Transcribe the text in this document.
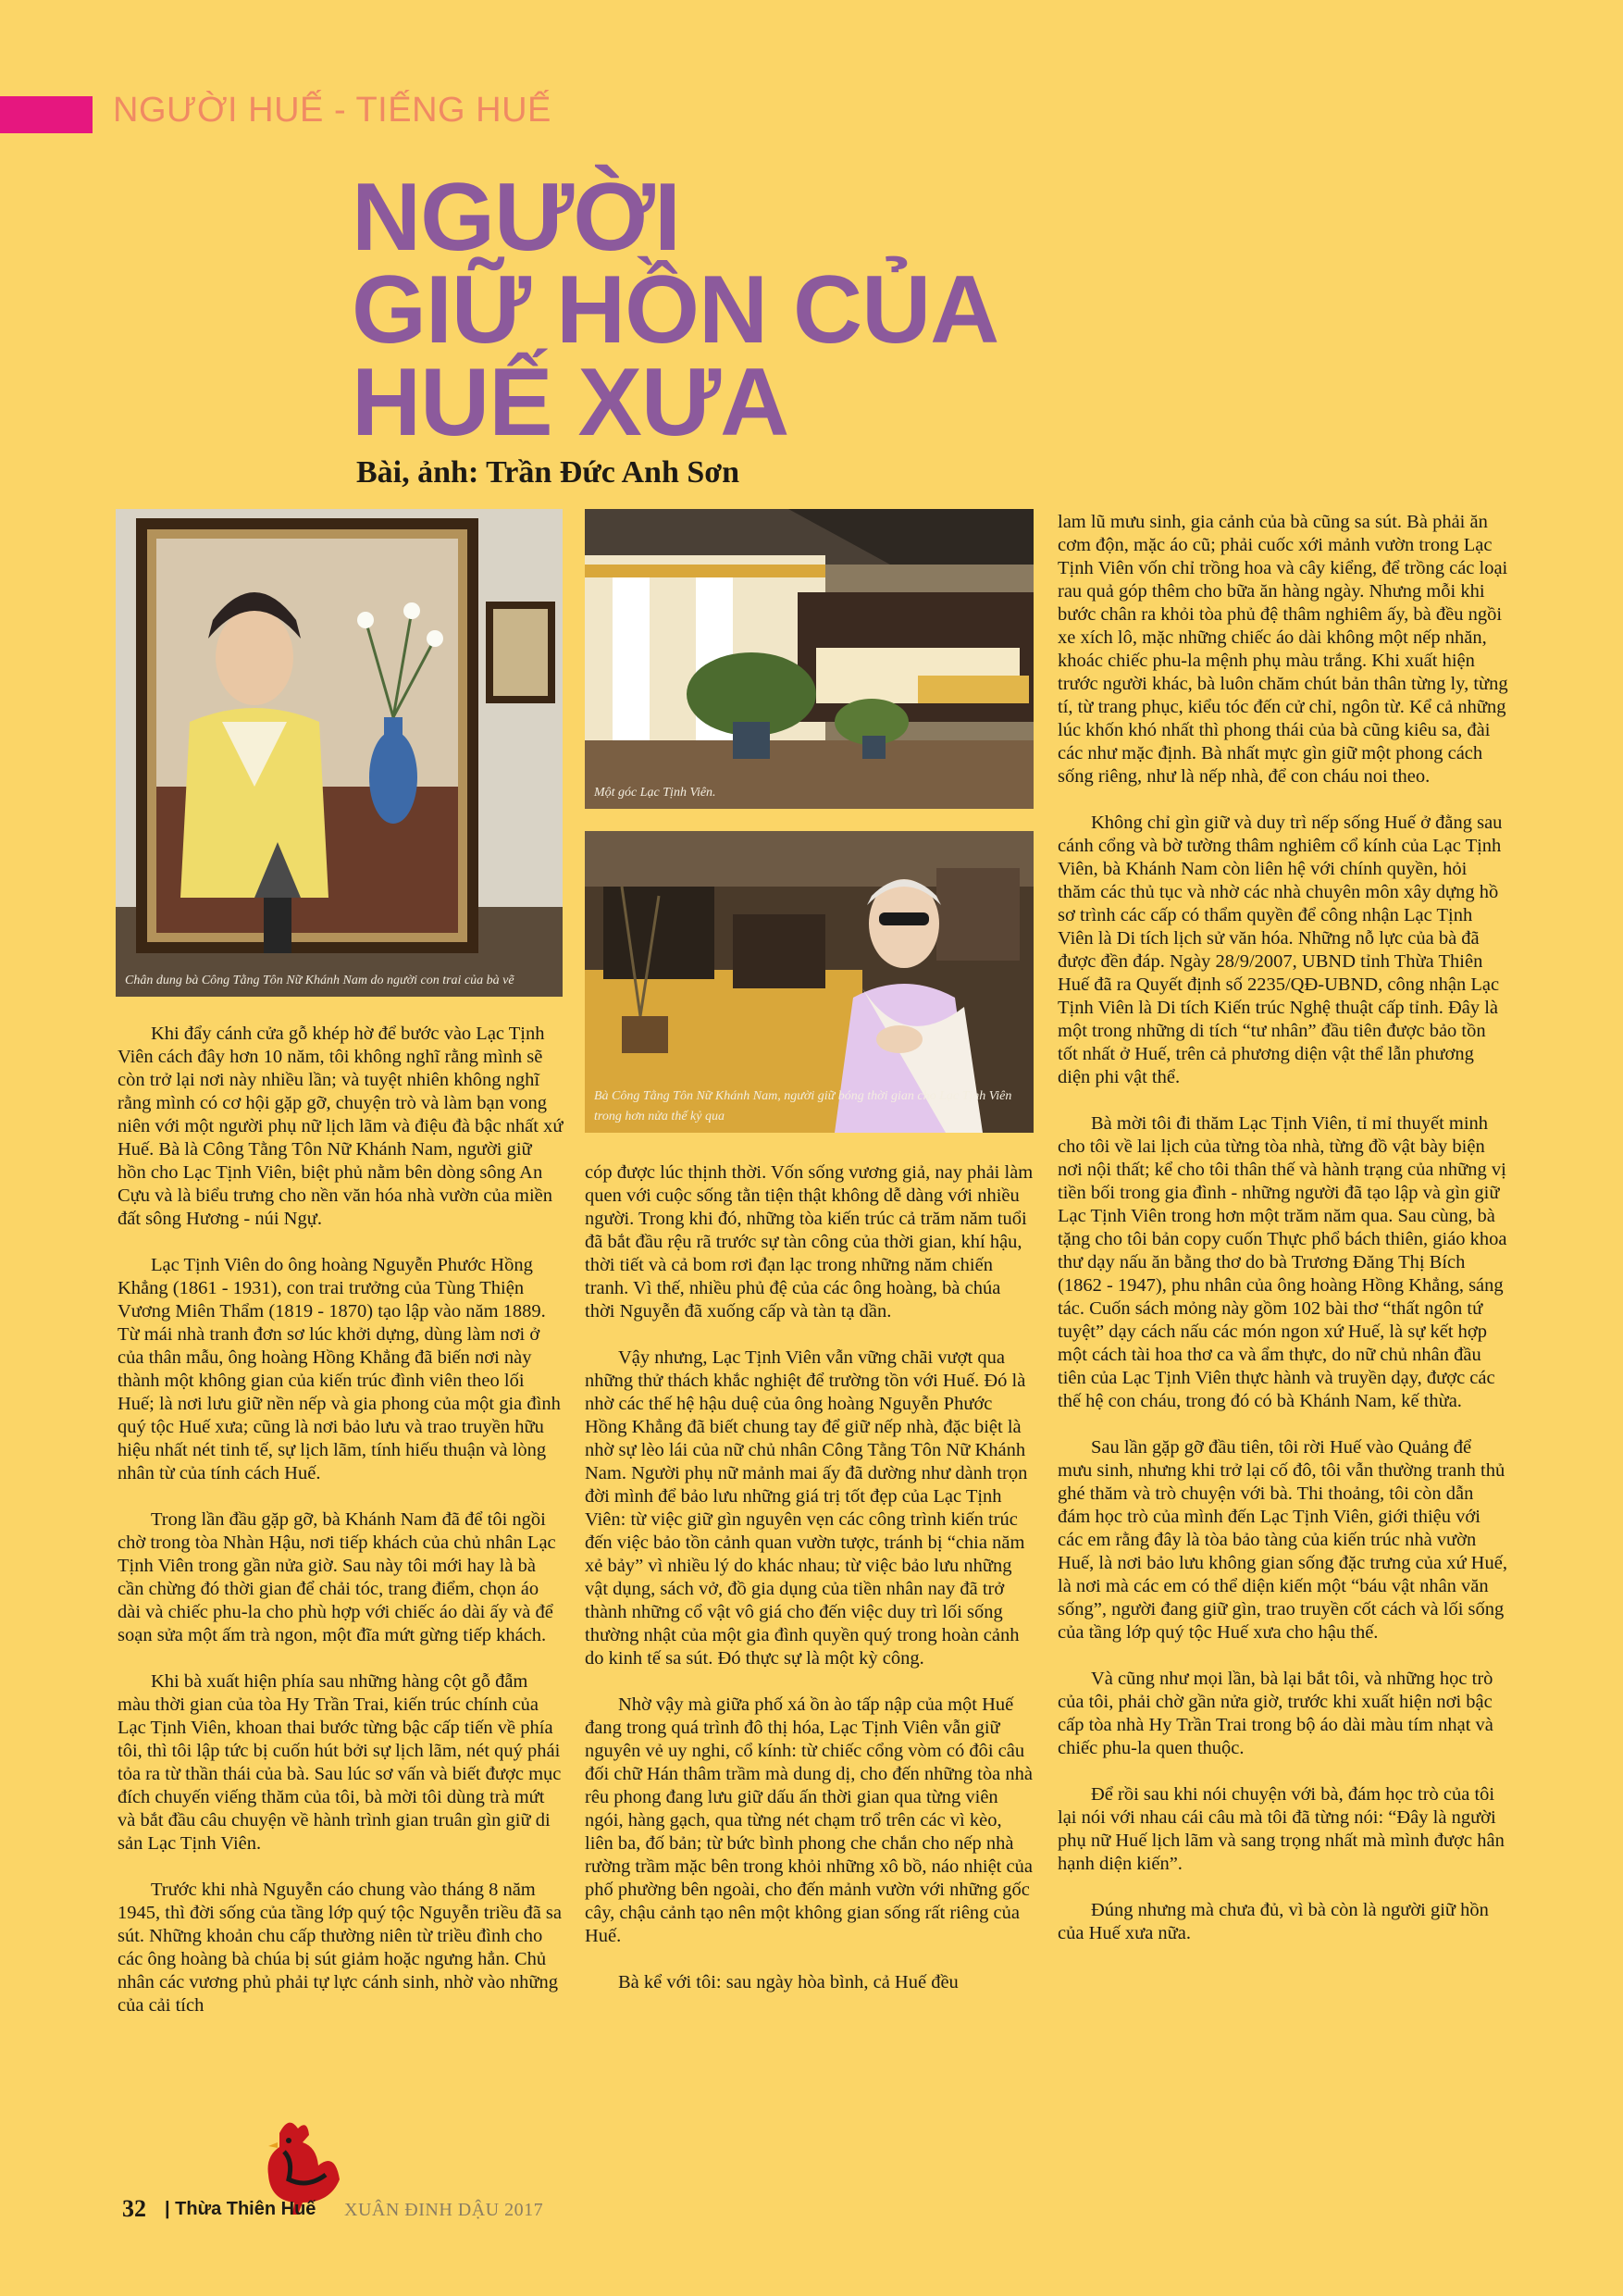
NGƯỜI HUẾ - TIẾNG HUẾ
NGƯỜI
GIỮ HỒN CỦA
HUẾ XƯA
Bài, ảnh: Trần Đức Anh Sơn
Chân dung bà Công Tằng Tôn Nữ Khánh Nam do người con trai của bà vẽ
Một góc Lạc Tịnh Viên.
Bà Công Tằng Tôn Nữ Khánh Nam, người giữ bóng thời gian cho Lạc Tịnh Viên trong hơn nửa thế kỷ qua

Khi đẩy cánh cửa gỗ khép hờ để bước vào Lạc Tịnh Viên cách đây hơn 10 năm, tôi không nghĩ rằng mình sẽ còn trở lại nơi này nhiều lần; và tuyệt nhiên không nghĩ rằng mình có cơ hội gặp gỡ, chuyện trò và làm bạn vong niên với một người phụ nữ lịch lãm và điệu đà bậc nhất xứ Huế. Bà là Công Tằng Tôn Nữ Khánh Nam, người giữ hồn cho Lạc Tịnh Viên, biệt phủ nằm bên dòng sông An Cựu và là biểu trưng cho nền văn hóa nhà vườn của miền đất sông Hương - núi Ngự.

Lạc Tịnh Viên do ông hoàng Nguyễn Phước Hồng Khẳng (1861 - 1931), con trai trưởng của Tùng Thiện Vương Miên Thẩm (1819 - 1870) tạo lập vào năm 1889. Từ mái nhà tranh đơn sơ lúc khởi dựng, dùng làm nơi ở của thân mẫu, ông hoàng Hồng Khẳng đã biến nơi này thành một không gian của kiến trúc đình viên theo lối Huế; là nơi lưu giữ nền nếp và gia phong của một gia đình quý tộc Huế xưa; cũng là nơi bảo lưu và trao truyền hữu hiệu nhất nét tinh tế, sự lịch lãm, tính hiếu thuận và lòng nhân từ của tính cách Huế.

Trong lần đầu gặp gỡ, bà Khánh Nam đã để tôi ngồi chờ trong tòa Nhàn Hậu, nơi tiếp khách của chủ nhân Lạc Tịnh Viên trong gần nửa giờ. Sau này tôi mới hay là bà cần chừng đó thời gian để chải tóc, trang điểm, chọn áo dài và chiếc phu-la cho phù hợp với chiếc áo dài ấy và để soạn sửa một ấm trà ngon, một đĩa mứt gừng tiếp khách.

Khi bà xuất hiện phía sau những hàng cột gỗ đẫm màu thời gian của tòa Hy Trần Trai, kiến trúc chính của Lạc Tịnh Viên, khoan thai bước từng bậc cấp tiến về phía tôi, thì tôi lập tức bị cuốn hút bởi sự lịch lãm, nét quý phái tỏa ra từ thần thái của bà. Sau lúc sơ vấn và biết được mục đích chuyến viếng thăm của tôi, bà mời tôi dùng trà mứt và bắt đầu câu chuyện về hành trình gian truân gìn giữ di sản Lạc Tịnh Viên.

Trước khi nhà Nguyễn cáo chung vào tháng 8 năm 1945, thì đời sống của tầng lớp quý tộc Nguyễn triều đã sa sút. Những khoản chu cấp thường niên từ triều đình cho các ông hoàng bà chúa bị sút giảm hoặc ngưng hẳn. Chủ nhân các vương phủ phải tự lực cánh sinh, nhờ vào những của cải tích

cóp được lúc thịnh thời. Vốn sống vương giả, nay phải làm quen với cuộc sống tằn tiện thật không dễ dàng với nhiều người. Trong khi đó, những tòa kiến trúc cả trăm năm tuổi đã bắt đầu rệu rã trước sự tàn công của thời gian, khí hậu, thời tiết và cả bom rơi đạn lạc trong những năm chiến tranh. Vì thế, nhiều phủ đệ của các ông hoàng, bà chúa thời Nguyễn đã xuống cấp và tàn tạ dần.

Vậy nhưng, Lạc Tịnh Viên vẫn vững chãi vượt qua những thử thách khắc nghiệt để trường tồn với Huế. Đó là nhờ các thế hệ hậu duệ của ông hoàng Nguyễn Phước Hồng Khẳng đã biết chung tay để giữ nếp nhà, đặc biệt là nhờ sự lèo lái của nữ chủ nhân Công Tằng Tôn Nữ Khánh Nam. Người phụ nữ mảnh mai ấy đã dường như dành trọn đời mình để bảo lưu những giá trị tốt đẹp của Lạc Tịnh Viên: từ việc giữ gìn nguyên vẹn các công trình kiến trúc đến việc bảo tồn cảnh quan vườn tược, tránh bị “chia năm xẻ bảy” vì nhiều lý do khác nhau; từ việc bảo lưu những vật dụng, sách vở, đồ gia dụng của tiền nhân nay đã trở thành những cổ vật vô giá cho đến việc duy trì lối sống thường nhật của một gia đình quyền quý trong hoàn cảnh do kinh tế sa sút. Đó thực sự là một kỳ công.

Nhờ vậy mà giữa phố xá ồn ào tấp nập của một Huế đang trong quá trình đô thị hóa, Lạc Tịnh Viên vẫn giữ nguyên vẻ uy nghi, cổ kính: từ chiếc cổng vòm có đôi câu đối chữ Hán thâm trầm mà dung dị, cho đến những tòa nhà rêu phong đang lưu giữ dấu ấn thời gian qua từng viên ngói, hàng gạch, qua từng nét chạm trổ trên các vì kèo, liên ba, đố bản; từ bức bình phong che chắn cho nếp nhà rường trầm mặc bên trong khỏi những xô bồ, náo nhiệt của phố phường bên ngoài, cho đến mảnh vườn với những gốc cây, chậu cảnh tạo nên một không gian sống rất riêng của Huế.

Bà kể với tôi: sau ngày hòa bình, cả Huế đều

lam lũ mưu sinh, gia cảnh của bà cũng sa sút. Bà phải ăn cơm độn, mặc áo cũ; phải cuốc xới mảnh vườn trong Lạc Tịnh Viên vốn chỉ trồng hoa và cây kiểng, để trồng các loại rau quả góp thêm cho bữa ăn hàng ngày. Nhưng mỗi khi bước chân ra khỏi tòa phủ đệ thâm nghiêm ấy, bà đều ngồi xe xích lô, mặc những chiếc áo dài không một nếp nhăn, khoác chiếc phu-la mệnh phụ màu trắng. Khi xuất hiện trước người khác, bà luôn chăm chút bản thân từng ly, từng tí, từ trang phục, kiểu tóc đến cử chỉ, ngôn từ. Kể cả những lúc khốn khó nhất thì phong thái của bà cũng kiêu sa, đài các như mặc định. Bà nhất mực gìn giữ một phong cách sống riêng, như là nếp nhà, để con cháu noi theo.

Không chỉ gìn giữ và duy trì nếp sống Huế ở đằng sau cánh cổng và bờ tường thâm nghiêm cổ kính của Lạc Tịnh Viên, bà Khánh Nam còn liên hệ với chính quyền, hỏi thăm các thủ tục và nhờ các nhà chuyên môn xây dựng hồ sơ trình các cấp có thẩm quyền để công nhận Lạc Tịnh Viên là Di tích lịch sử văn hóa. Những nỗ lực của bà đã được đền đáp. Ngày 28/9/2007, UBND tỉnh Thừa Thiên Huế đã ra Quyết định số 2235/QĐ-UBND, công nhận Lạc Tịnh Viên là Di tích Kiến trúc Nghệ thuật cấp tỉnh. Đây là một trong những di tích “tư nhân” đầu tiên được bảo tồn tốt nhất ở Huế, trên cả phương diện vật thể lẫn phương diện phi vật thể.

Bà mời tôi đi thăm Lạc Tịnh Viên, tỉ mỉ thuyết minh cho tôi về lai lịch của từng tòa nhà, từng đồ vật bày biện nơi nội thất; kể cho tôi thân thế và hành trạng của những vị tiền bối trong gia đình - những người đã tạo lập và gìn giữ Lạc Tịnh Viên trong hơn một trăm năm qua. Sau cùng, bà tặng cho tôi bản copy cuốn Thực phổ bách thiên, giáo khoa thư dạy nấu ăn bằng thơ do bà Trương Đăng Thị Bích (1862 - 1947), phu nhân của ông hoàng Hồng Khẳng, sáng tác. Cuốn sách mỏng này gồm 102 bài thơ “thất ngôn tứ tuyệt” dạy cách nấu các món ngon xứ Huế, là sự kết hợp một cách tài hoa thơ ca và ẩm thực, do nữ chủ nhân đầu tiên của Lạc Tịnh Viên thực hành và truyền dạy, được các thế hệ con cháu, trong đó có bà Khánh Nam, kế thừa.

Sau lần gặp gỡ đầu tiên, tôi rời Huế vào Quảng để mưu sinh, nhưng khi trở lại cố đô, tôi vẫn thường tranh thủ ghé thăm và trò chuyện với bà. Thi thoảng, tôi còn dẫn đám học trò của mình đến Lạc Tịnh Viên, giới thiệu với các em rằng đây là tòa bảo tàng của kiến trúc nhà vườn Huế, là nơi bảo lưu không gian sống đặc trưng của xứ Huế, là nơi mà các em có thể diện kiến một “báu vật nhân văn sống”, người đang giữ gìn, trao truyền cốt cách và lối sống của tầng lớp quý tộc Huế xưa cho hậu thế.

Và cũng như mọi lần, bà lại bắt tôi, và những học trò của tôi, phải chờ gần nửa giờ, trước khi xuất hiện nơi bậc cấp tòa nhà Hy Trần Trai trong bộ áo dài màu tím nhạt và chiếc phu-la quen thuộc.

Để rồi sau khi nói chuyện với bà, đám học trò của tôi lại nói với nhau cái câu mà tôi đã từng nói: “Đây là người phụ nữ Huế lịch lãm và sang trọng nhất mà mình được hân hạnh diện kiến”.

Đúng nhưng mà chưa đủ, vì bà còn là người giữ hồn của Huế xưa nữa.

32 | Thừa Thiên Huế XUÂN ĐINH DẬU 2017
